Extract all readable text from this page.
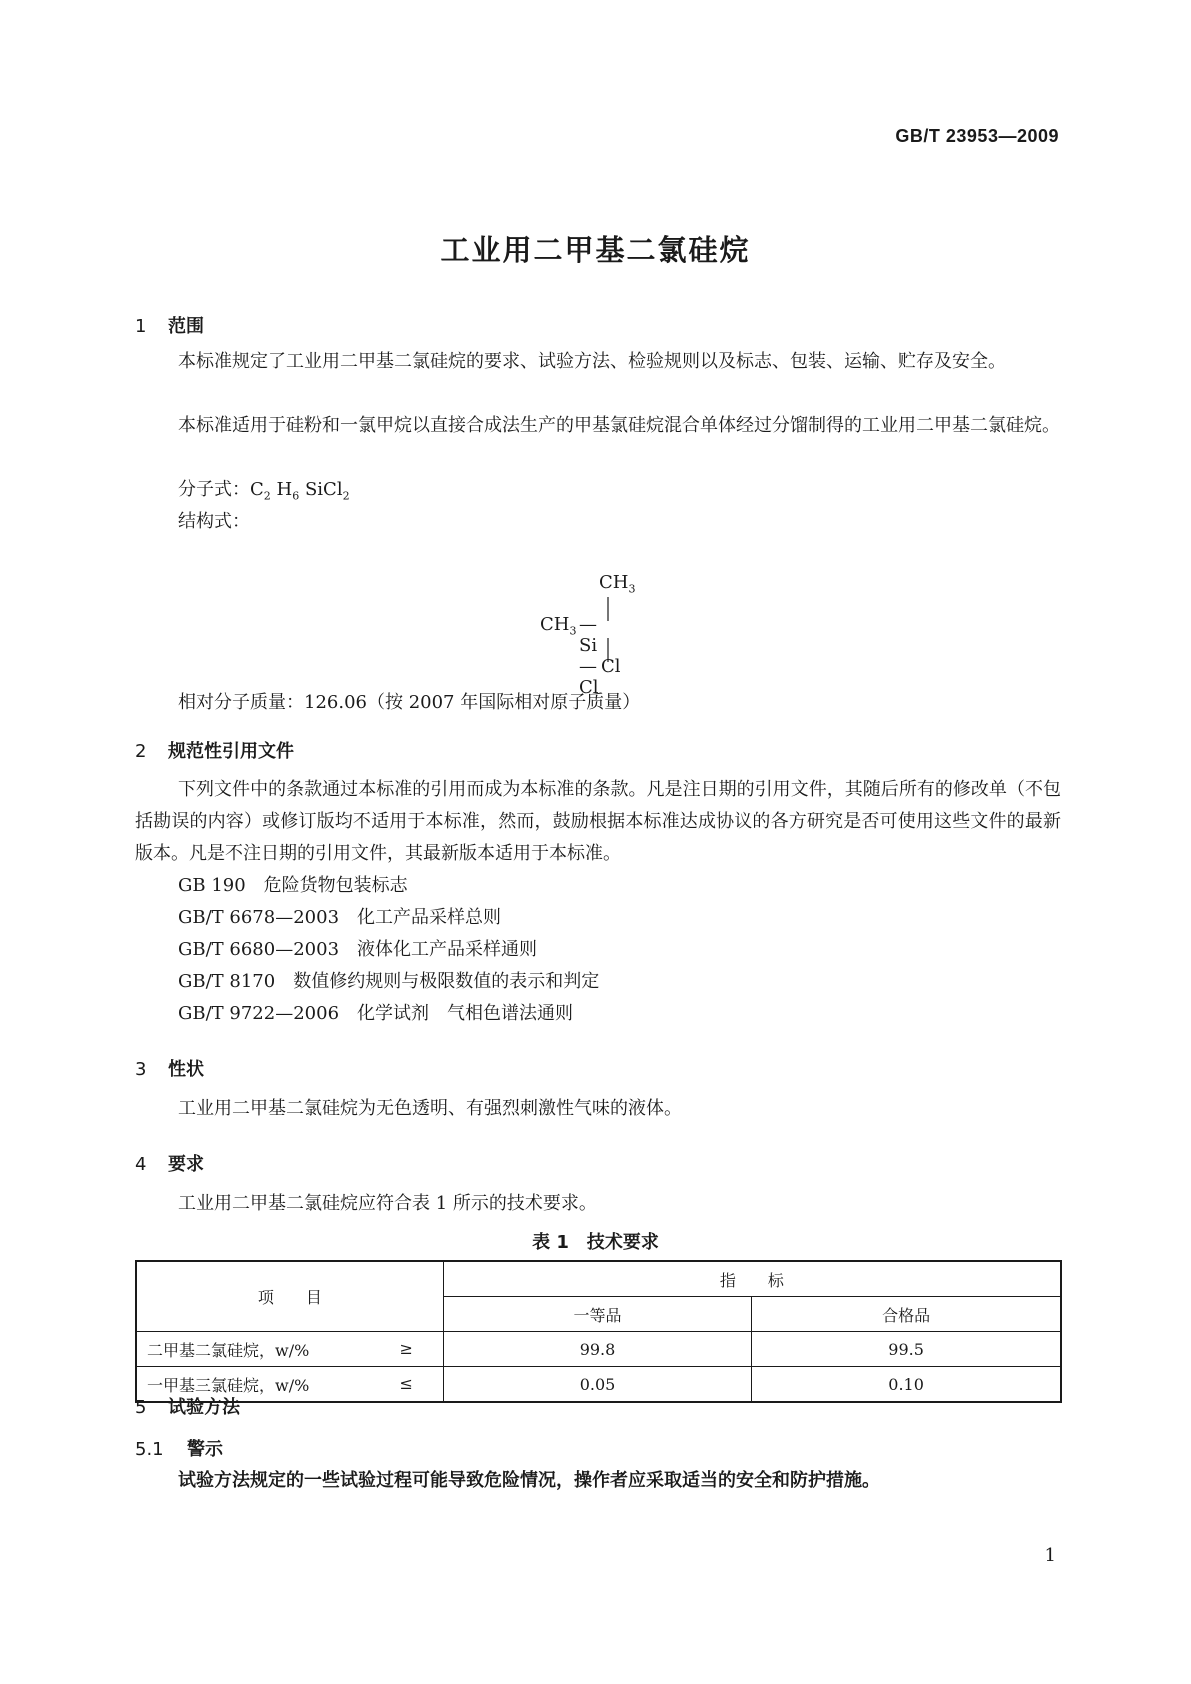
GB/T 23953—2009
工业用二甲基二氯硅烷
1 范围

本标准规定了工业用二甲基二氯硅烷的要求、试验方法、检验规则以及标志、包装、运输、贮存及安全。

本标准适用于硅粉和一氯甲烷以直接合成法生产的甲基氯硅烷混合单体经过分馏制得的工业用二甲基二氯硅烷。

分子式：$C_2$ $H_6$ SiCl$_2$
结构式：
$CH_3$
$CH_3$ —Si—Cl
Cl
相对分子质量：126.06（按 2007 年国际相对原子质量）
2 规范性引用文件

下列文件中的条款通过本标准的引用而成为本标准的条款。凡是注日期的引用文件，其随后所有的修改单（不包括勘误的内容）或修订版均不适用于本标准，然而，鼓励根据本标准达成协议的各方研究是否可使用这些文件的最新版本。凡是不注日期的引用文件，其最新版本适用于本标准。

GB 190　危险货物包装标志
GB/T 6678—2003　化工产品采样总则
GB/T 6680—2003　液体化工产品采样通则
GB/T 8170　数值修约规则与极限数值的表示和判定
GB/T 9722—2006　化学试剂　气相色谱法通则
3 性状

工业用二甲基二氯硅烷为无色透明、有强烈刺激性气味的液体。

4 要求

工业用二甲基二氯硅烷应符合表 1 所示的技术要求。

表 1　技术要求
项　　目	指　　标	
	一等品	合格品
二甲基二氯硅烷，w/% ≥	99.8	99.5
一甲基三氯硅烷，w/% ≤	0.05	0.10
5 试验方法
5.1 警示
试验方法规定的一些试验过程可能导致危险情况，操作者应采取适当的安全和防护措施。
1
